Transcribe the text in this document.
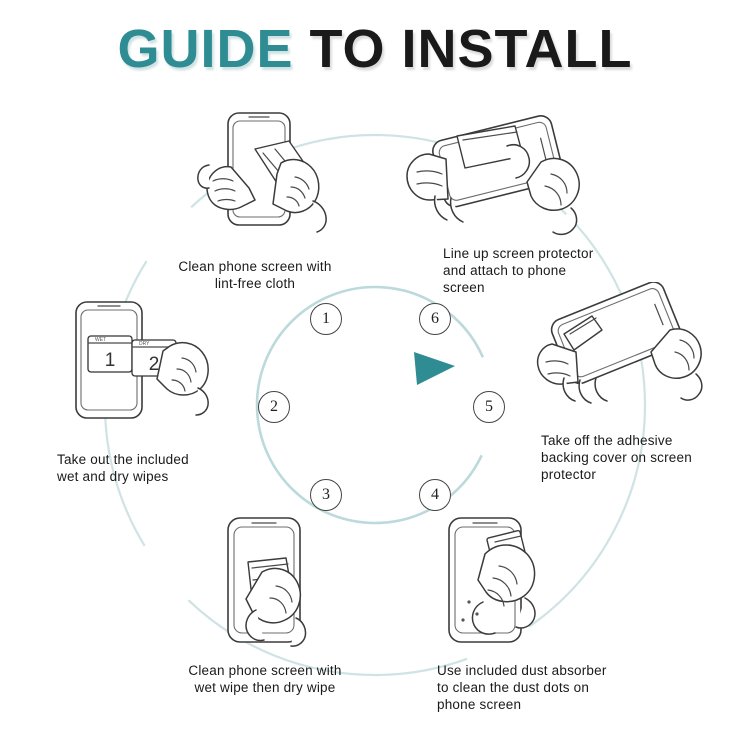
GUIDE TO INSTALL
1
2
3	4
5
6
Clean phone screen with
lint-free cloth
1
WET
2
DRY
Take out the included
wet and dry wipes
Clean phone screen with
wet wipe then dry wipe
Use included dust absorber
to clean the dust dots on
phone screen
Take off the adhesive
backing cover on screen
protector
Line up screen protector
and attach to phone
screen
